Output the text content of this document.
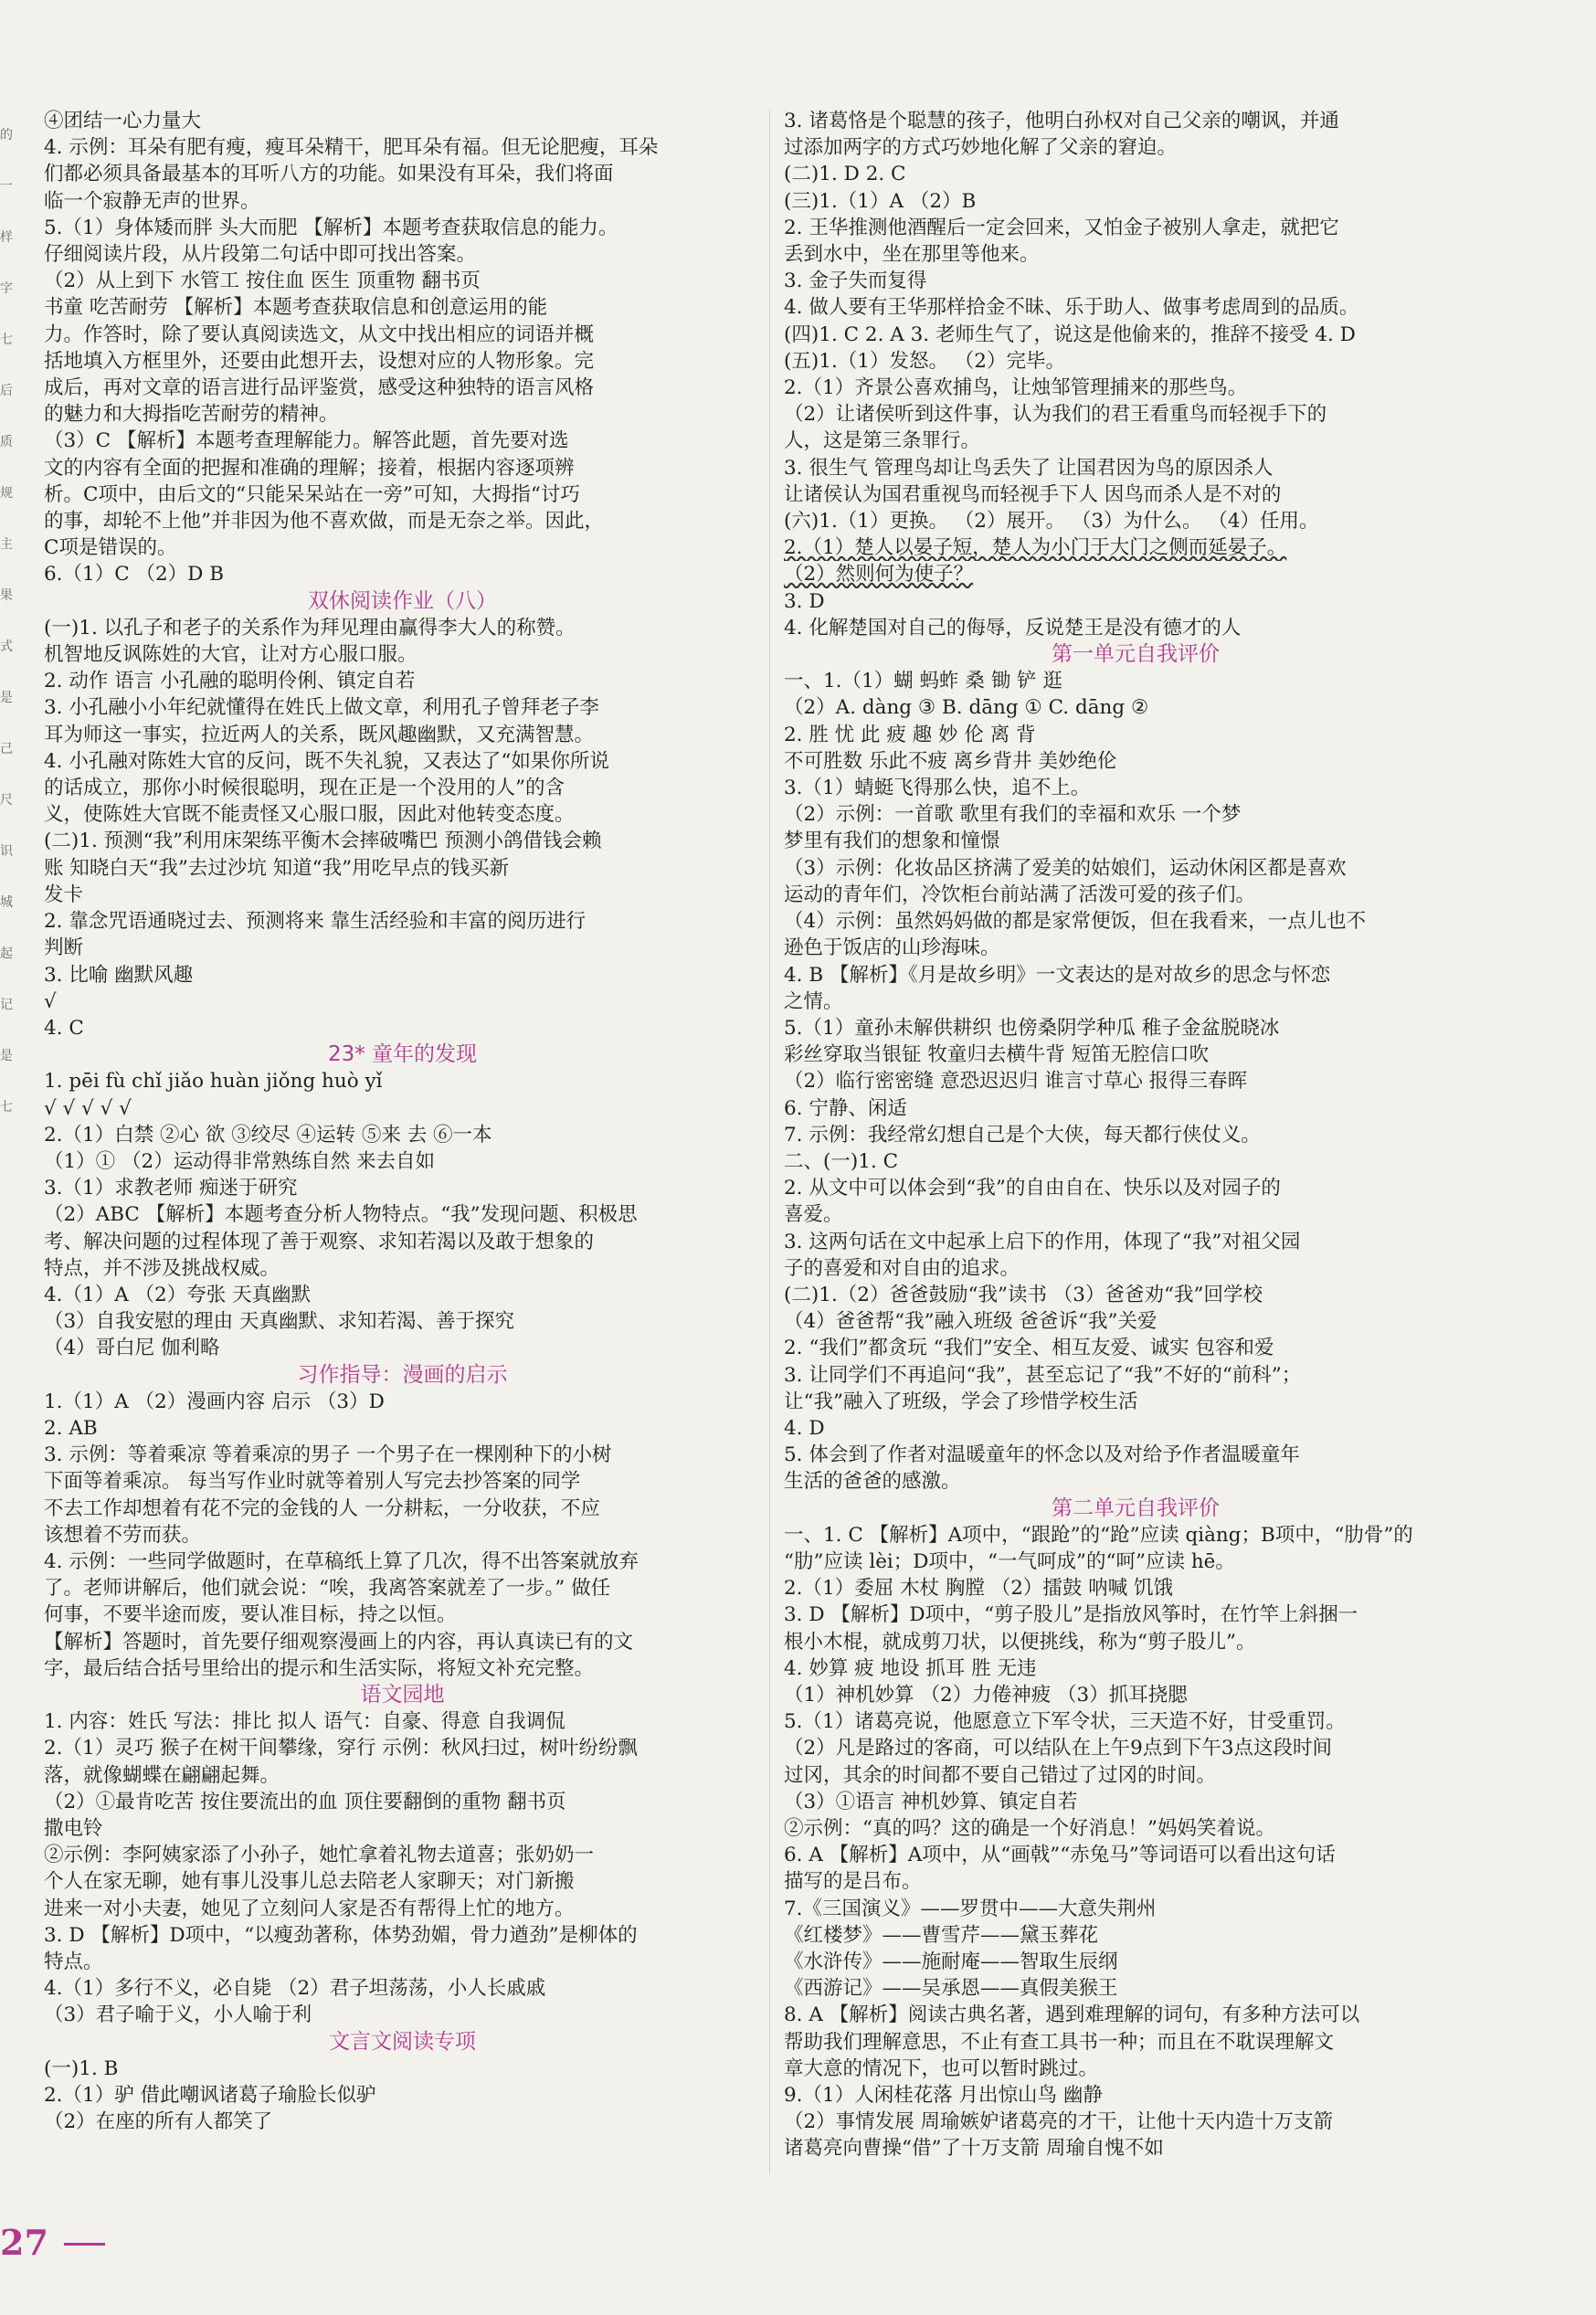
的
一
样
字
七
后
质
规
主
果
式
是
己
尺
识
城
起
记
是
七
④团结一心力量大
4. 示例：耳朵有肥有瘦，瘦耳朵精干，肥耳朵有福。但无论肥瘦，耳朵
们都必须具备最基本的耳听八方的功能。如果没有耳朵，我们将面
临一个寂静无声的世界。
5.（1）身体矮而胖 头大而肥 【解析】本题考查获取信息的能力。
仔细阅读片段，从片段第二句话中即可找出答案。
（2）从上到下 水管工 按住血 医生 顶重物 翻书页
书童 吃苦耐劳 【解析】本题考查获取信息和创意运用的能
力。作答时，除了要认真阅读选文，从文中找出相应的词语并概
括地填入方框里外，还要由此想开去，设想对应的人物形象。完
成后，再对文章的语言进行品评鉴赏，感受这种独特的语言风格
的魅力和大拇指吃苦耐劳的精神。
（3）C 【解析】本题考查理解能力。解答此题，首先要对选
文的内容有全面的把握和准确的理解；接着，根据内容逐项辨
析。C项中，由后文的“只能呆呆站在一旁”可知，大拇指“讨巧
的事，却轮不上他”并非因为他不喜欢做，而是无奈之举。因此，
C项是错误的。
6.（1）C （2）D B
双休阅读作业（八）
(一)1. 以孔子和老子的关系作为拜见理由赢得李大人的称赞。
机智地反讽陈姓的大官，让对方心服口服。
2. 动作 语言 小孔融的聪明伶俐、镇定自若
3. 小孔融小小年纪就懂得在姓氏上做文章，利用孔子曾拜老子李
耳为师这一事实，拉近两人的关系，既风趣幽默，又充满智慧。
4. 小孔融对陈姓大官的反问，既不失礼貌，又表达了“如果你所说
的话成立，那你小时候很聪明，现在正是一个没用的人”的含
义，使陈姓大官既不能责怪又心服口服，因此对他转变态度。
(二)1. 预测“我”利用床架练平衡木会摔破嘴巴 预测小鸽借钱会赖
账 知晓白天“我”去过沙坑 知道“我”用吃早点的钱买新
发卡
2. 靠念咒语通晓过去、预测将来 靠生活经验和丰富的阅历进行
判断
3. 比喻 幽默风趣
√
4. C
23* 童年的发现
1. pēi fù chǐ jiǎo huàn jiǒng huò yǐ
√ √ √ √ √
2.（1）白禁 ②心 欲 ③绞尽 ④运转 ⑤来 去 ⑥一本
（1）① （2）运动得非常熟练自然 来去自如
3.（1）求教老师 痴迷于研究
（2）ABC 【解析】本题考查分析人物特点。“我”发现问题、积极思
考、解决问题的过程体现了善于观察、求知若渴以及敢于想象的
特点，并不涉及挑战权威。
4.（1）A （2）夸张 天真幽默
（3）自我安慰的理由 天真幽默、求知若渴、善于探究
（4）哥白尼 伽利略
习作指导：漫画的启示
1.（1）A （2）漫画内容 启示 （3）D
2. AB
3. 示例：等着乘凉 等着乘凉的男子 一个男子在一棵刚种下的小树
下面等着乘凉。 每当写作业时就等着别人写完去抄答案的同学
不去工作却想着有花不完的金钱的人 一分耕耘，一分收获，不应
该想着不劳而获。
4. 示例：一些同学做题时，在草稿纸上算了几次，得不出答案就放弃
了。老师讲解后，他们就会说：“唉，我离答案就差了一步。” 做任
何事，不要半途而废，要认准目标，持之以恒。
【解析】答题时，首先要仔细观察漫画上的内容，再认真读已有的文
字，最后结合括号里给出的提示和生活实际，将短文补充完整。
语文园地
1. 内容：姓氏 写法：排比 拟人 语气：自豪、得意 自我调侃
2.（1）灵巧 猴子在树干间攀缘，穿行 示例：秋风扫过，树叶纷纷飘
落，就像蝴蝶在翩翩起舞。
（2）①最肯吃苦 按住要流出的血 顶住要翻倒的重物 翻书页
撒电铃
②示例：李阿姨家添了小孙子，她忙拿着礼物去道喜；张奶奶一
个人在家无聊，她有事儿没事儿总去陪老人家聊天；对门新搬
进来一对小夫妻，她见了立刻问人家是否有帮得上忙的地方。
3. D 【解析】D项中，“以瘦劲著称，体势劲媚，骨力遒劲”是柳体的
特点。
4.（1）多行不义，必自毙 （2）君子坦荡荡，小人长戚戚
（3）君子喻于义，小人喻于利
文言文阅读专项
(一)1. B
2.（1）驴 借此嘲讽诸葛子瑜脸长似驴
（2）在座的所有人都笑了
3. 诸葛恪是个聪慧的孩子，他明白孙权对自己父亲的嘲讽，并通
过添加两字的方式巧妙地化解了父亲的窘迫。
(二)1. D 2. C
(三)1.（1）A （2）B
2. 王华推测他酒醒后一定会回来，又怕金子被别人拿走，就把它
丢到水中，坐在那里等他来。
3. 金子失而复得
4. 做人要有王华那样拾金不昧、乐于助人、做事考虑周到的品质。
(四)1. C 2. A 3. 老师生气了，说这是他偷来的，推辞不接受 4. D
(五)1.（1）发怒。 （2）完毕。
2.（1）齐景公喜欢捕鸟，让烛邹管理捕来的那些鸟。
（2）让诸侯听到这件事，认为我们的君王看重鸟而轻视手下的
人，这是第三条罪行。
3. 很生气 管理鸟却让鸟丢失了 让国君因为鸟的原因杀人
让诸侯认为国君重视鸟而轻视手下人 因鸟而杀人是不对的
(六)1.（1）更换。 （2）展开。 （3）为什么。 （4）任用。
2.（1）楚人以晏子短，楚人为小门于大门之侧而延晏子。
（2）然则何为使子？
3. D
4. 化解楚国对自己的侮辱，反说楚王是没有德才的人
第一单元自我评价
一、1.（1）蝴 蚂蚱 桑 锄 铲 逛
（2）A. dàng ③ B. dāng ① C. dāng ②
2. 胜 忧 此 疲 趣 妙 伦 离 背
不可胜数 乐此不疲 离乡背井 美妙绝伦
3.（1）蜻蜓飞得那么快，追不上。
（2）示例：一首歌 歌里有我们的幸福和欢乐 一个梦
梦里有我们的想象和憧憬
（3）示例：化妆品区挤满了爱美的姑娘们，运动休闲区都是喜欢
运动的青年们，冷饮柜台前站满了活泼可爱的孩子们。
（4）示例：虽然妈妈做的都是家常便饭，但在我看来，一点儿也不
逊色于饭店的山珍海味。
4. B 【解析】《月是故乡明》一文表达的是对故乡的思念与怀恋
之情。
5.（1）童孙未解供耕织 也傍桑阴学种瓜 稚子金盆脱晓冰
彩丝穿取当银钲 牧童归去横牛背 短笛无腔信口吹
（2）临行密密缝 意恐迟迟归 谁言寸草心 报得三春晖
6. 宁静、闲适
7. 示例：我经常幻想自己是个大侠，每天都行侠仗义。
二、(一)1. C
2. 从文中可以体会到“我”的自由自在、快乐以及对园子的
喜爱。
3. 这两句话在文中起承上启下的作用，体现了“我”对祖父园
子的喜爱和对自由的追求。
(二)1.（2）爸爸鼓励“我”读书 （3）爸爸劝“我”回学校
（4）爸爸帮“我”融入班级 爸爸诉“我”关爱
2. “我们”都贪玩 “我们”安全、相互友爱、诚实 包容和爱
3. 让同学们不再追问“我”，甚至忘记了“我”不好的“前科”；
让“我”融入了班级，学会了珍惜学校生活
4. D
5. 体会到了作者对温暖童年的怀念以及对给予作者温暖童年
生活的爸爸的感激。
第二单元自我评价
一、1. C 【解析】A项中，“跟跄”的“跄”应读 qiàng；B项中，“肋骨”的
“肋”应读 lèi；D项中，“一气呵成”的“呵”应读 hē。
2.（1）委屈 木杖 胸膛 （2）擂鼓 呐喊 饥饿
3. D 【解析】D项中，“剪子股儿”是指放风筝时，在竹竿上斜捆一
根小木棍，就成剪刀状，以便挑线，称为“剪子股儿”。
4. 妙算 疲 地设 抓耳 胜 无违
（1）神机妙算 （2）力倦神疲 （3）抓耳挠腮
5.（1）诸葛亮说，他愿意立下军令状，三天造不好，甘受重罚。
（2）凡是路过的客商，可以结队在上午9点到下午3点这段时间
过冈，其余的时间都不要自己错过了过冈的时间。
（3）①语言 神机妙算、镇定自若
②示例：“真的吗？这的确是一个好消息！”妈妈笑着说。
6. A 【解析】A项中，从“画戟”“赤兔马”等词语可以看出这句话
描写的是吕布。
7.《三国演义》——罗贯中——大意失荆州
《红楼梦》——曹雪芹——黛玉葬花
《水浒传》——施耐庵——智取生辰纲
《西游记》——吴承恩——真假美猴王
8. A 【解析】阅读古典名著，遇到难理解的词句，有多种方法可以
帮助我们理解意思，不止有查工具书一种；而且在不耽误理解文
章大意的情况下，也可以暂时跳过。
9.（1）人闲桂花落 月出惊山鸟 幽静
（2）事情发展 周瑜嫉妒诸葛亮的才干，让他十天内造十万支箭
诸葛亮向曹操“借”了十万支箭 周瑜自愧不如
27
